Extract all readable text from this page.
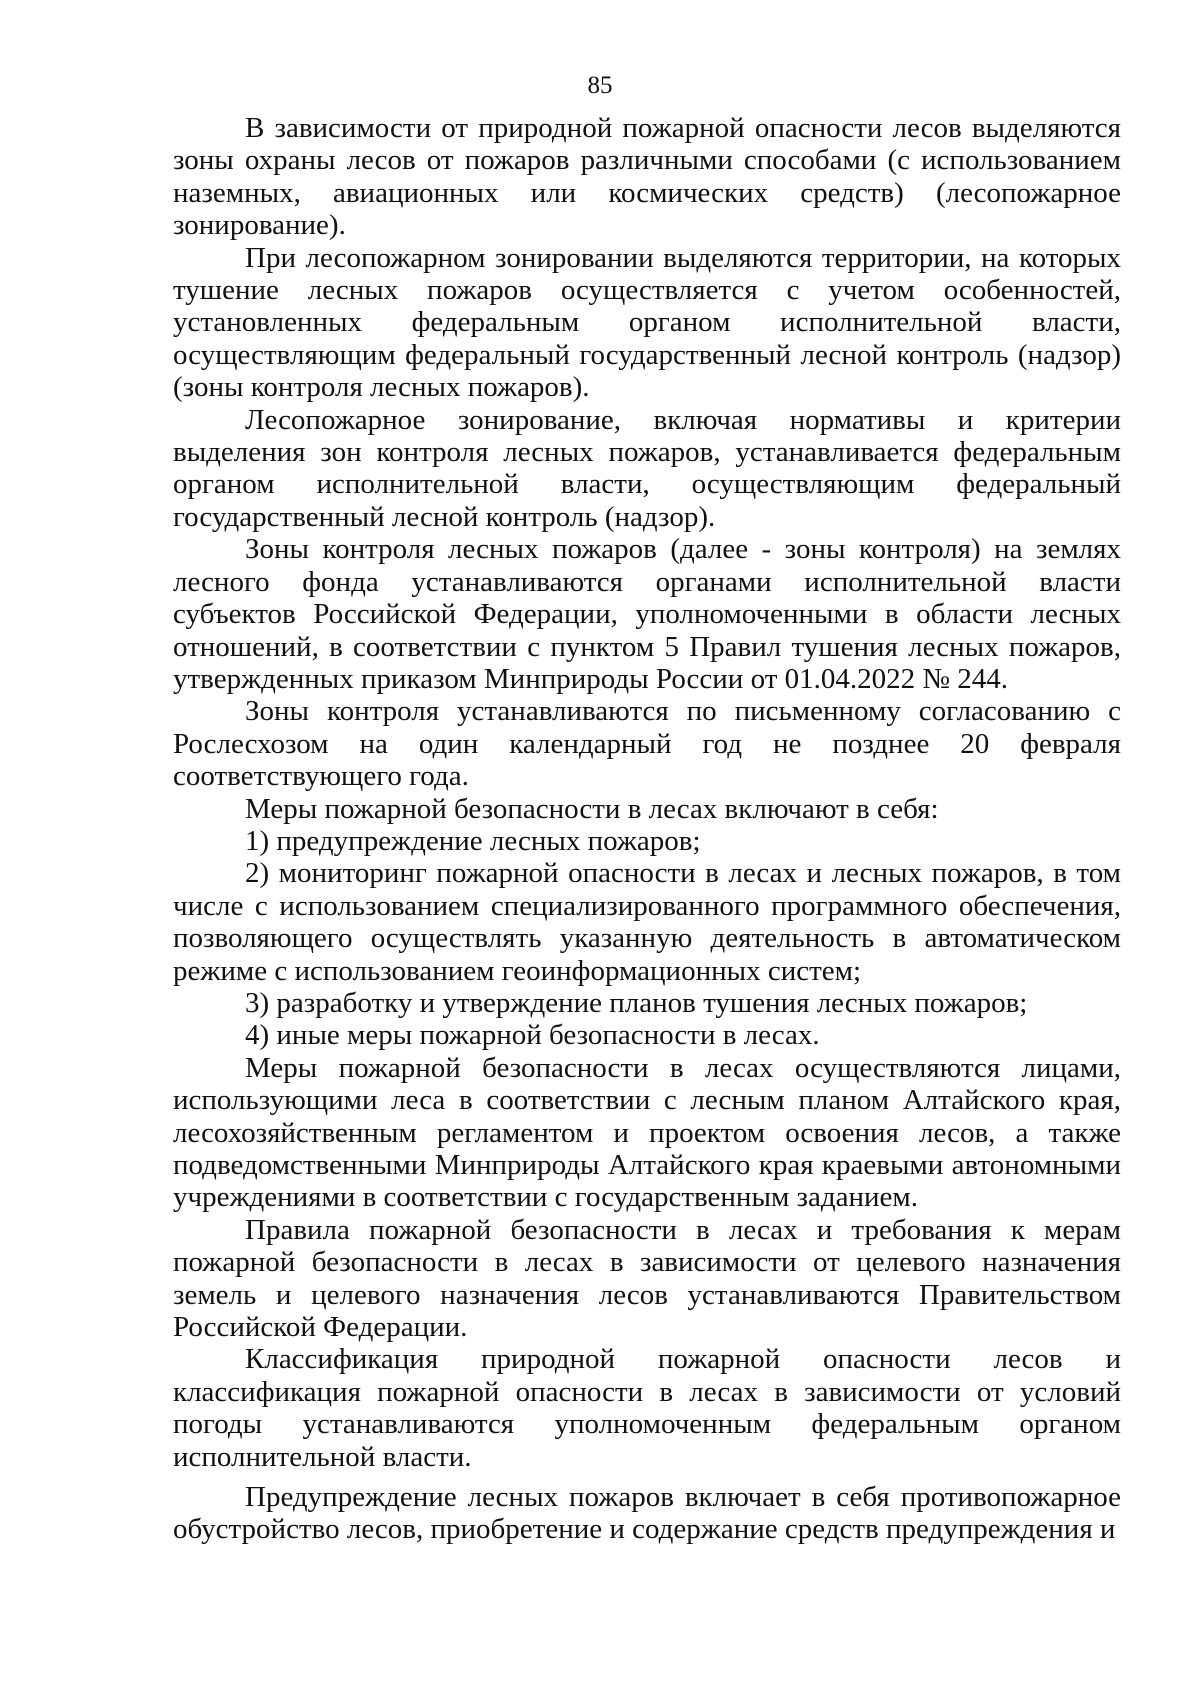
85

В зависимости от природной пожарной опасности лесов выделяются зоны охраны лесов от пожаров различными способами (с использованием наземных, авиационных или космических средств) (лесопожарное зонирование).

При лесопожарном зонировании выделяются территории, на которых тушение лесных пожаров осуществляется с учетом особенностей, установленных федеральным органом исполнительной власти, осуществляющим федеральный государственный лесной контроль (надзор) (зоны контроля лесных пожаров).

Лесопожарное зонирование, включая нормативы и критерии выделения зон контроля лесных пожаров, устанавливается федеральным органом исполнительной власти, осуществляющим федеральный государственный лесной контроль (надзор).

Зоны контроля лесных пожаров (далее - зоны контроля) на землях лесного фонда устанавливаются органами исполнительной власти субъектов Российской Федерации, уполномоченными в области лесных отношений, в соответствии с пунктом 5 Правил тушения лесных пожаров, утвержденных приказом Минприроды России от 01.04.2022 № 244.

Зоны контроля устанавливаются по письменному согласованию с Рослесхозом на один календарный год не позднее 20 февраля соответствующего года.

Меры пожарной безопасности в лесах включают в себя:

1) предупреждение лесных пожаров;

2) мониторинг пожарной опасности в лесах и лесных пожаров, в том числе с использованием специализированного программного обеспечения, позволяющего осуществлять указанную деятельность в автоматическом режиме с использованием геоинформационных систем;

3) разработку и утверждение планов тушения лесных пожаров;

4) иные меры пожарной безопасности в лесах.

Меры пожарной безопасности в лесах осуществляются лицами, использующими леса в соответствии с лесным планом Алтайского края, лесохозяйственным регламентом и проектом освоения лесов, а также подведомственными Минприроды Алтайского края краевыми автономными учреждениями в соответствии с государственным заданием.

Правила пожарной безопасности в лесах и требования к мерам пожарной безопасности в лесах в зависимости от целевого назначения земель и целевого назначения лесов устанавливаются Правительством Российской Федерации.

Классификация природной пожарной опасности лесов и классификация пожарной опасности в лесах в зависимости от условий погоды устанавливаются уполномоченным федеральным органом исполнительной власти.

Предупреждение лесных пожаров включает в себя противопожарное обустройство лесов, приобретение и содержание средств предупреждения и
